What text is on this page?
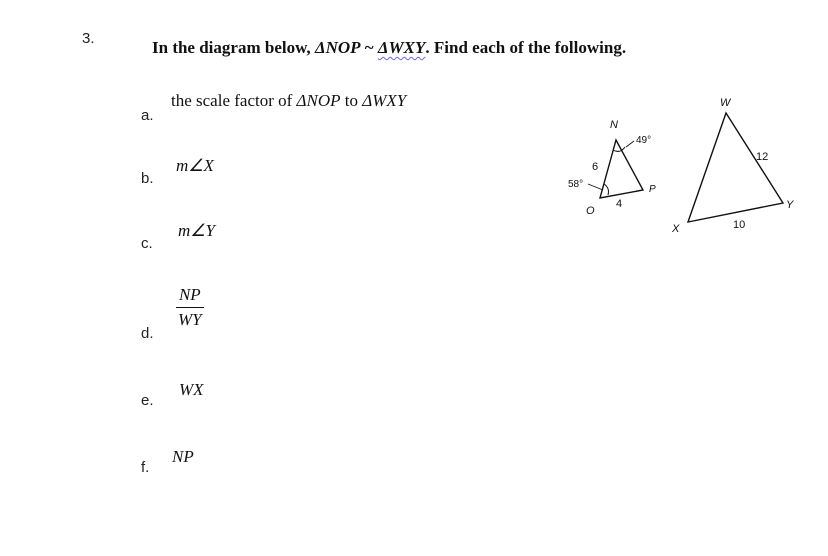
3.	In the diagram below, ΔNOP ~ ΔWXY. Find each of the following.
a.
the scale factor of ΔNOP to ΔWXY
b.
m∠X
c.
m∠Y
d.
NP
WY
e.
WX
f.
NP
N
49°
6
58°
O
4
P
W
12
Y
10
X
